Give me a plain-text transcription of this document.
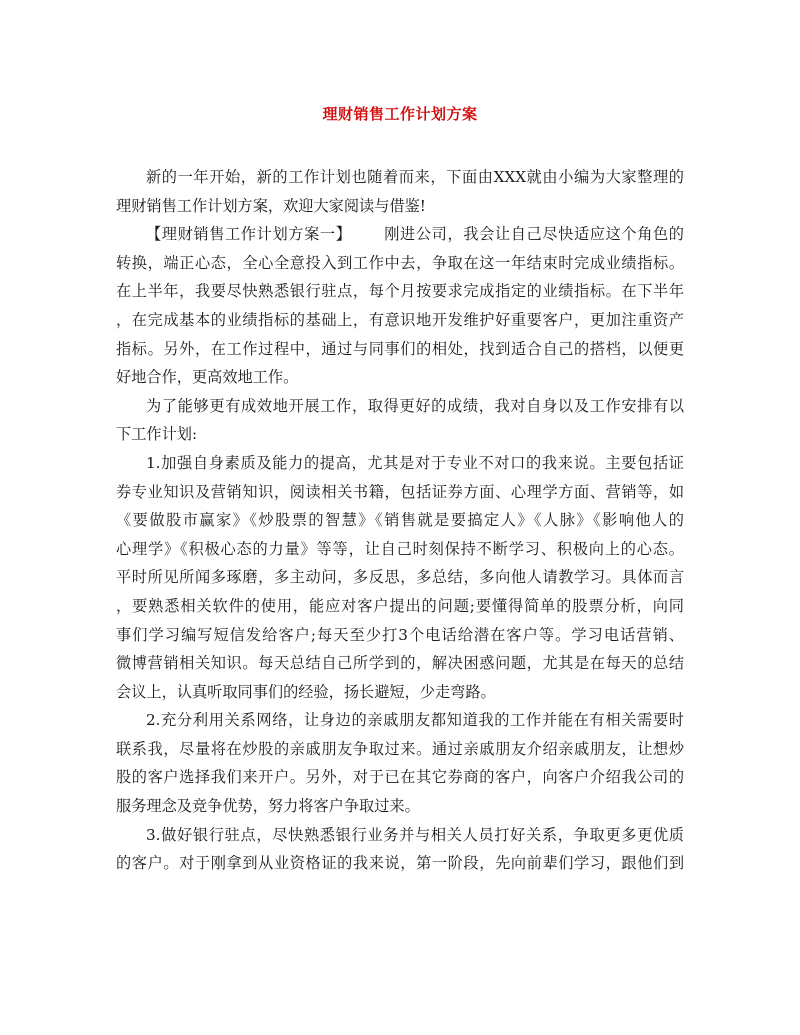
理财销售工作计划方案
新的一年开始，新的工作计划也随着而来，下面由XXX就由小编为大家整理的
理财销售工作计划方案，欢迎大家阅读与借鉴!
【理财销售工作计划方案一】      刚进公司，我会让自己尽快适应这个角色的
转换，端正心态，全心全意投入到工作中去，争取在这一年结束时完成业绩指标。
在上半年，我要尽快熟悉银行驻点，每个月按要求完成指定的业绩指标。在下半年
，在完成基本的业绩指标的基础上，有意识地开发维护好重要客户，更加注重资产
指标。另外，在工作过程中，通过与同事们的相处，找到适合自己的搭档，以便更
好地合作，更高效地工作。
为了能够更有成效地开展工作，取得更好的成绩，我对自身以及工作安排有以
下工作计划:
1.加强自身素质及能力的提高，尤其是对于专业不对口的我来说。主要包括证
券专业知识及营销知识，阅读相关书籍，包括证券方面、心理学方面、营销等，如
《要做股市赢家》《炒股票的智慧》《销售就是要搞定人》《人脉》《影响他人的
心理学》《积极心态的力量》等等，让自己时刻保持不断学习、积极向上的心态。
平时所见所闻多琢磨，多主动问，多反思，多总结，多向他人请教学习。具体而言
，要熟悉相关软件的使用，能应对客户提出的问题;要懂得简单的股票分析，向同
事们学习编写短信发给客户;每天至少打3个电话给潜在客户等。学习电话营销、
微博营销相关知识。每天总结自己所学到的，解决困惑问题，尤其是在每天的总结
会议上，认真听取同事们的经验，扬长避短，少走弯路。
2.充分利用关系网络，让身边的亲戚朋友都知道我的工作并能在有相关需要时
联系我，尽量将在炒股的亲戚朋友争取过来。通过亲戚朋友介绍亲戚朋友，让想炒
股的客户选择我们来开户。另外，对于已在其它券商的客户，向客户介绍我公司的
服务理念及竞争优势，努力将客户争取过来。
3.做好银行驻点，尽快熟悉银行业务并与相关人员打好关系，争取更多更优质
的客户。对于刚拿到从业资格证的我来说，第一阶段，先向前辈们学习，跟他们到
